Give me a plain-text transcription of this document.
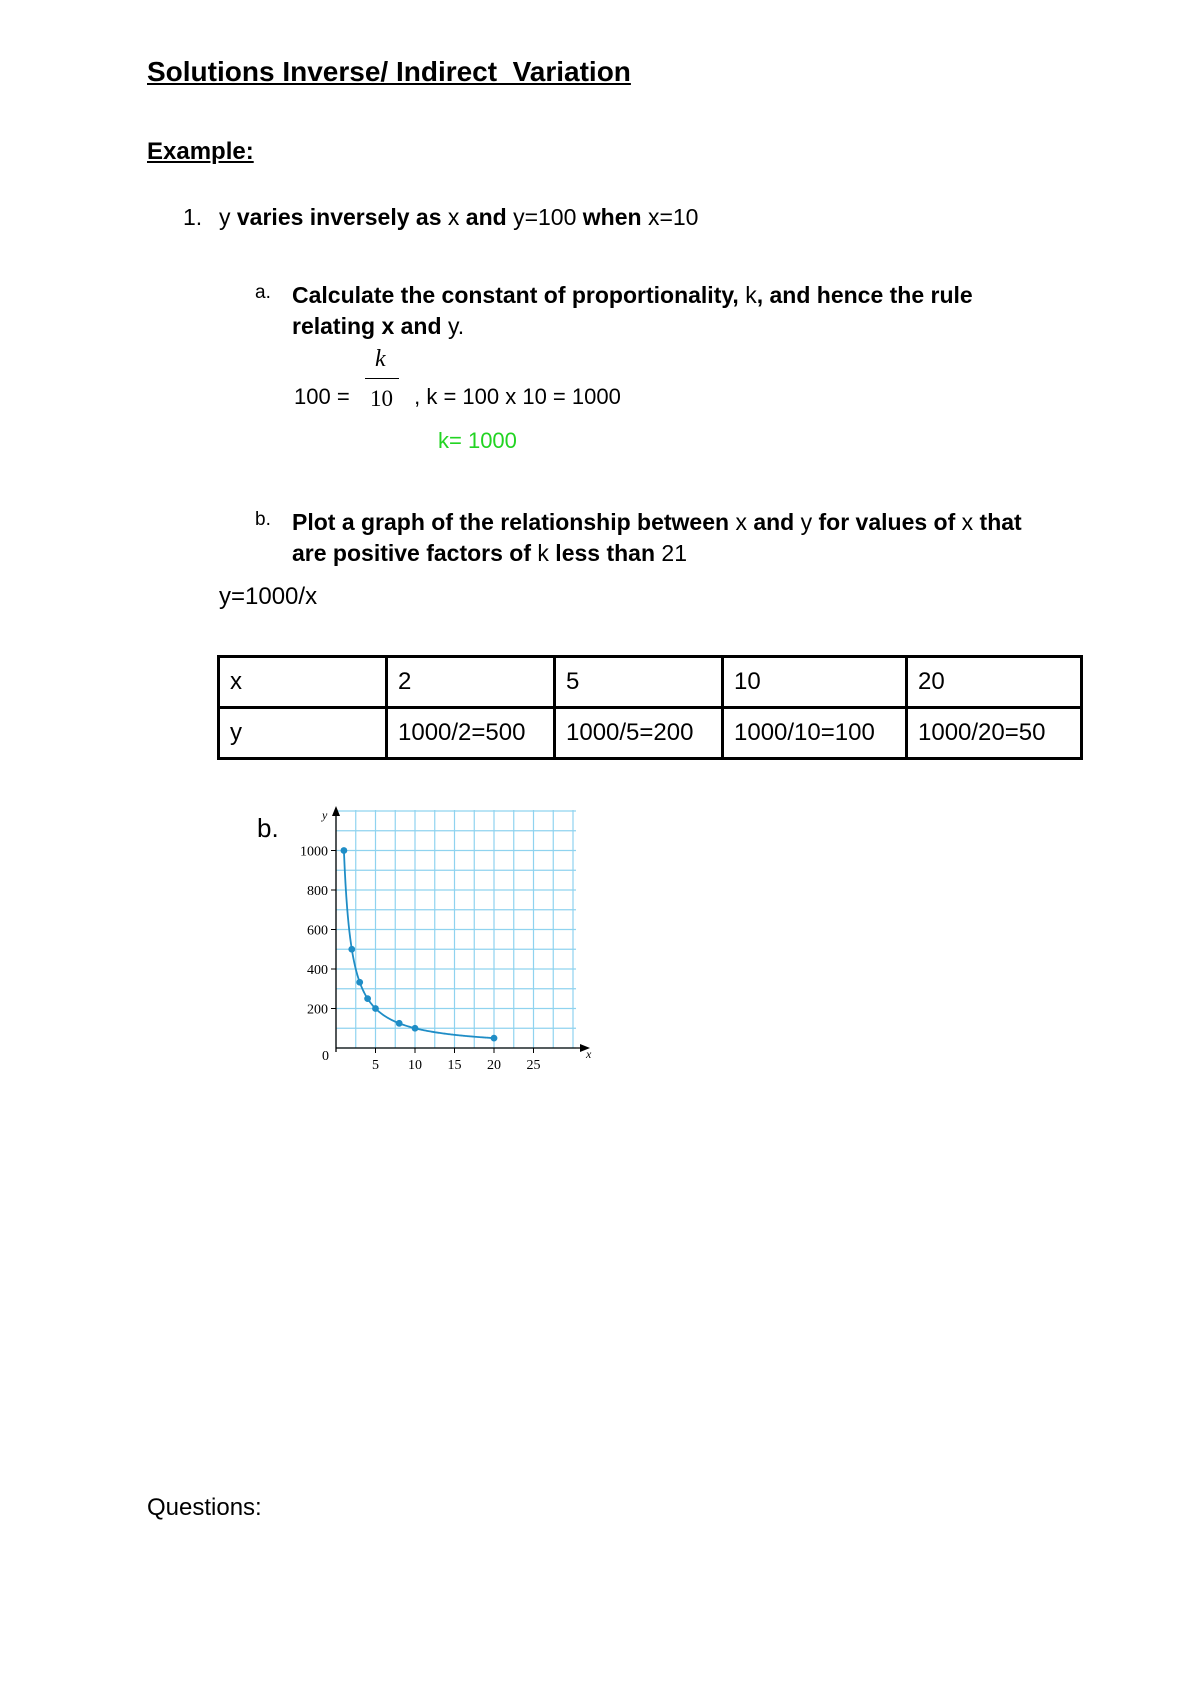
Solutions Inverse/ Indirect  Variation
Example:
1. y varies inversely as x and y=100 when x=10
a. Calculate the constant of proportionality, k, and hence the rule relating x and y.
k
100 = 10 , k = 100 x 10 = 1000
k= 1000
b. Plot a graph of the relationship between x and y for values of x that are positive factors of k less than 21
y=1000/x
x	2	5	10	20
y	1000/2=500	1000/5=200	1000/10=100	1000/20=50
b.	y
x
0
5 10 15 20 25
200
400
600
800
1000
Questions:
